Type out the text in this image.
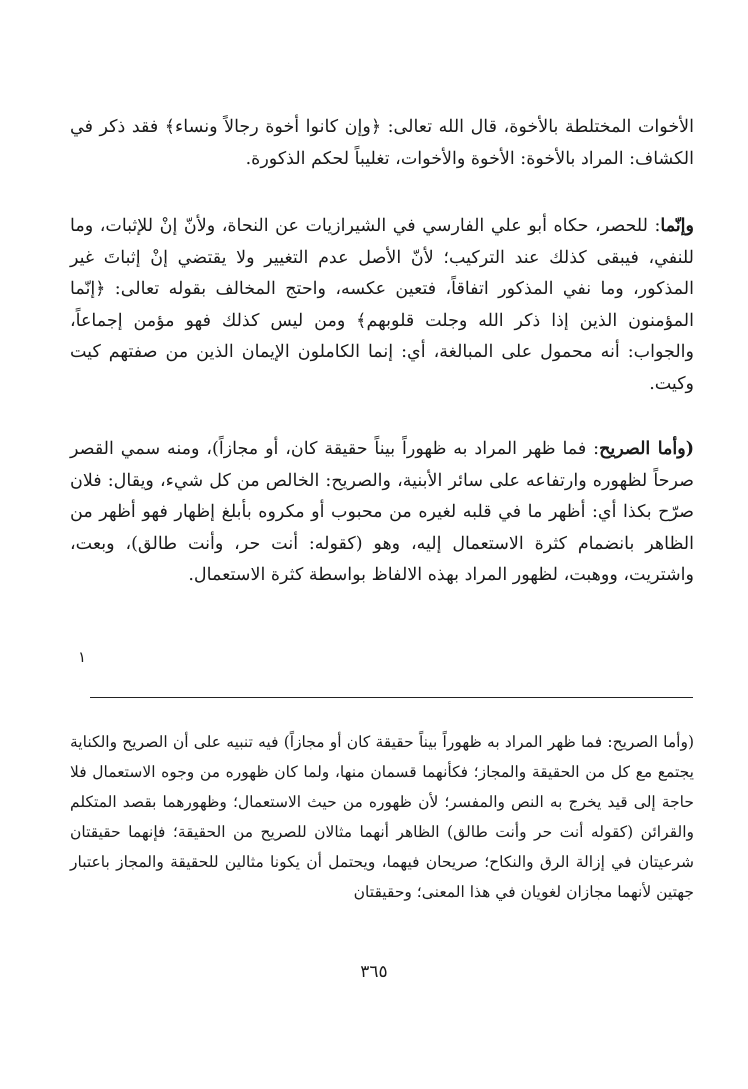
الأخوات المختلطة بالأخوة، قال الله تعالى: ﴿وإن كانوا أخوة رجالاً ونساء﴾ فقد ذكر في الكشاف: المراد بالأخوة: الأخوة والأخوات، تغليباً لحكم الذكورة.

وإنّما: للحصر، حكاه أبو علي الفارسي في الشيرازيات عن النحاة، ولأنّ إنْ للإثبات، وما للنفي، فيبقى كذلك عند التركيب؛ لأنّ الأصل عدم التغيير ولا يقتضي إنْ إثباتَ غير المذكور، وما نفي المذكور اتفاقاً، فتعين عكسه، واحتج المخالف بقوله تعالى: ﴿إنّما المؤمنون الذين إذا ذكر الله وجلت قلوبهم﴾ ومن ليس كذلك فهو مؤمن إجماعاً، والجواب: أنه محمول على المبالغة، أي: إنما الكاملون الإيمان الذين من صفتهم كيت وكيت.

(وأما الصريح: فما ظهر المراد به ظهوراً بيناً حقيقة كان، أو مجازاً)، ومنه سمي القصر صرحاً لظهوره وارتفاعه على سائر الأبنية، والصريح: الخالص من كل شيء، ويقال: فلان صرّح بكذا أي: أظهر ما في قلبه لغيره من محبوب أو مكروه بأبلغ إظهار فهو أظهر من الظاهر بانضمام كثرة الاستعمال إليه، وهو (كقوله: أنت حر، وأنت طالق)، وبعت، واشتريت، ووهبت، لظهور المراد بهذه الالفاظ بواسطة كثرة الاستعمال.

١

(وأما الصريح: فما ظهر المراد به ظهوراً بيناً حقيقة كان أو مجازاً) فيه تنبيه على أن الصريح والكناية يجتمع مع كل من الحقيقة والمجاز؛ فكأنهما قسمان منها، ولما كان ظهوره من وجوه الاستعمال فلا حاجة إلى قيد يخرج به النص والمفسر؛ لأن ظهوره من حيث الاستعمال؛ وظهورهما بقصد المتكلم والقرائن (كقوله أنت حر وأنت طالق) الظاهر أنهما مثالان للصريح من الحقيقة؛ فإنهما حقيقتان شرعيتان في إزالة الرق والنكاح؛ صريحان فيهما، ويحتمل أن يكونا مثالين للحقيقة والمجاز باعتبار جهتين لأنهما مجازان لغويان في هذا المعنى؛ وحقيقتان

٣٦٥
